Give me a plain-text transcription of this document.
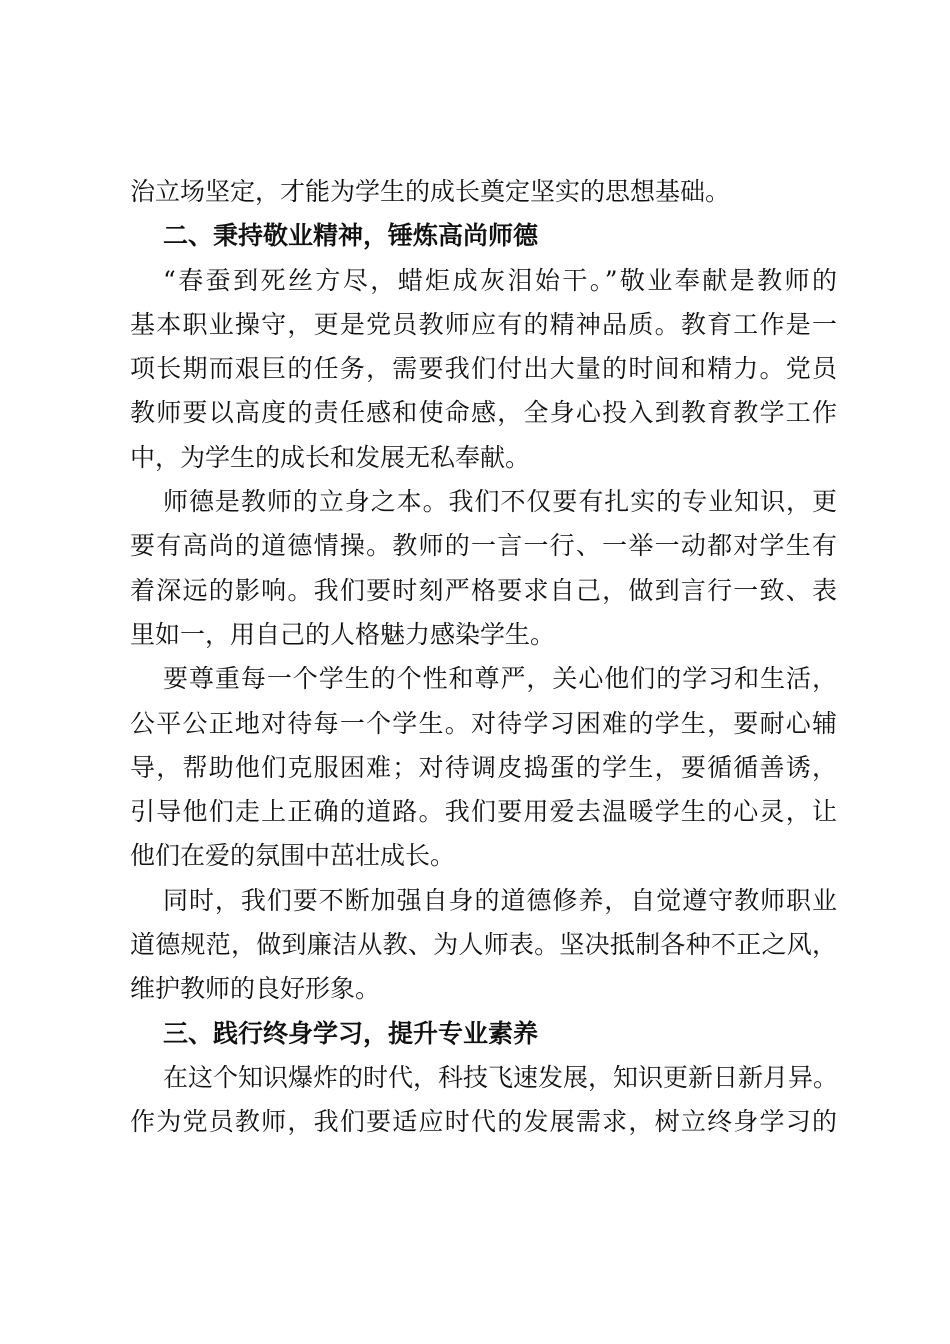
治立场坚定，才能为学生的成长奠定坚实的思想基础。
二、秉持敬业精神，锤炼高尚师德
“春蚕到死丝方尽，蜡炬成灰泪始干。”敬业奉献是教师的
基本职业操守，更是党员教师应有的精神品质。教育工作是一
项长期而艰巨的任务，需要我们付出大量的时间和精力。党员
教师要以高度的责任感和使命感，全身心投入到教育教学工作
中，为学生的成长和发展无私奉献。
师德是教师的立身之本。我们不仅要有扎实的专业知识，更
要有高尚的道德情操。教师的一言一行、一举一动都对学生有
着深远的影响。我们要时刻严格要求自己，做到言行一致、表
里如一，用自己的人格魅力感染学生。
要尊重每一个学生的个性和尊严，关心他们的学习和生活，
公平公正地对待每一个学生。对待学习困难的学生，要耐心辅
导，帮助他们克服困难；对待调皮捣蛋的学生，要循循善诱，
引导他们走上正确的道路。我们要用爱去温暖学生的心灵，让
他们在爱的氛围中茁壮成长。
同时，我们要不断加强自身的道德修养，自觉遵守教师职业
道德规范，做到廉洁从教、为人师表。坚决抵制各种不正之风，
维护教师的良好形象。
三、践行终身学习，提升专业素养
在这个知识爆炸的时代，科技飞速发展，知识更新日新月异。
作为党员教师，我们要适应时代的发展需求，树立终身学习的
